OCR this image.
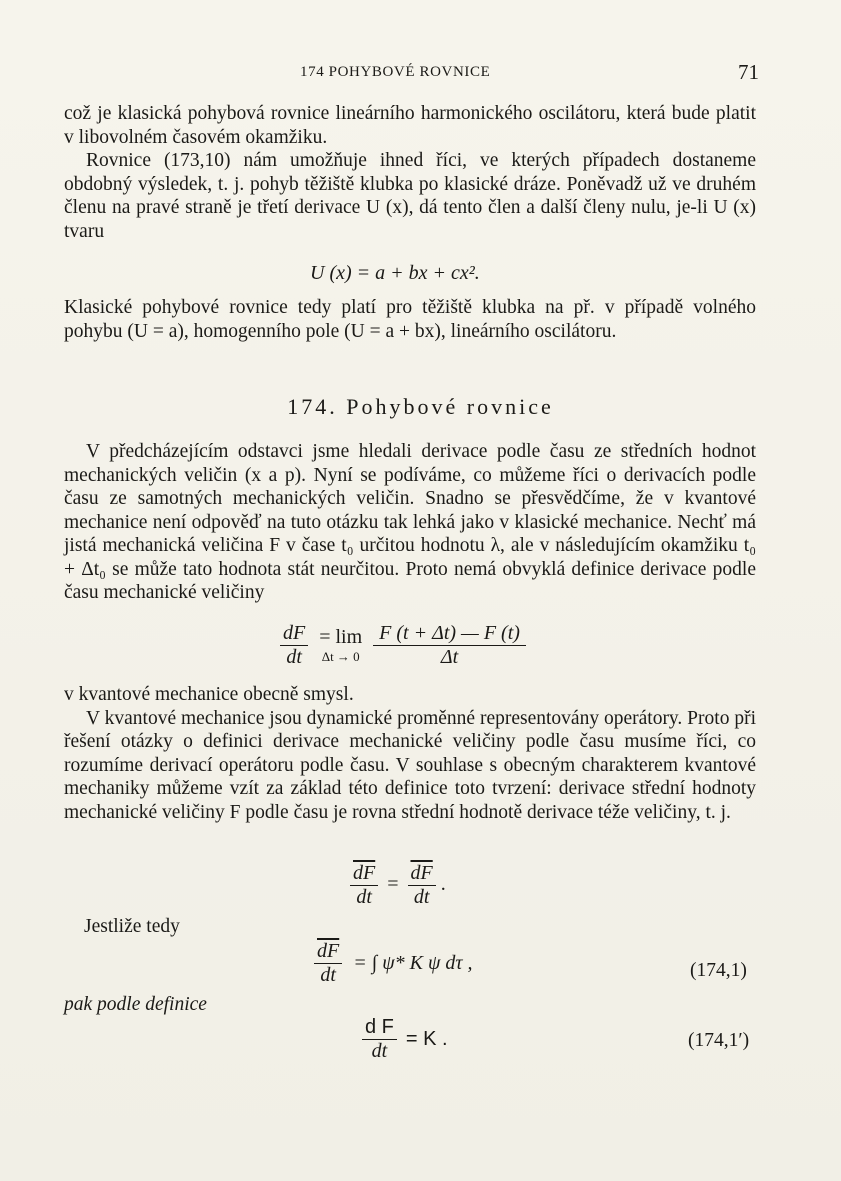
174 POHYBOVÉ ROVNICE	71

což je klasická pohybová rovnice lineárního harmonického oscilátoru, která bude platit v libovolném časovém okamžiku.

Rovnice (173,10) nám umožňuje ihned říci, ve kterých případech dostaneme obdobný výsledek, t. j. pohyb těžiště klubka po klasické dráze. Poněvadž už ve druhém členu na pravé straně je třetí derivace U (x), dá tento člen a další členy nulu, je-li U (x) tvaru

U (x) = a + bx + cx².

Klasické pohybové rovnice tedy platí pro těžiště klubka na př. v případě volného pohybu (U = a), homogenního pole (U = a + bx), lineárního oscilátoru.

174. Pohybové rovnice

V předcházejícím odstavci jsme hledali derivace podle času ze středních hodnot mechanických veličin (x a p). Nyní se podíváme, co můžeme říci o derivacích podle času ze samotných mechanických veličin. Snadno se přesvědčíme, že v kvantové mechanice není odpověď na tuto otázku tak lehká jako v klasické mechanice. Nechť má jistá mechanická veličina F v čase t₀ určitou hodnotu λ, ale v následujícím okamžiku t₀ + Δt₀ se může tato hodnota stát neurčitou. Proto nemá obvyklá definice derivace podle času mechanické veličiny

$\frac{dF}{dt}$
= lim
Δt → 0
$\frac{F (t + \Delta t) — F (t)}{\Delta t}$

v kvantové mechanice obecně smysl.

V kvantové mechanice jsou dynamické proměnné representovány operátory. Proto při řešení otázky o definici derivace mechanické veličiny podle času musíme říci, co rozumíme derivací operátoru podle času. V souhlase s obecným charakterem kvantové mechaniky můžeme vzít za základ této definice toto tvrzení: derivace střední hodnoty mechanické veličiny F podle času je rovna střední hodnotě derivace téže veličiny, t. j.

$\frac{\overline{dF}}{dt} = \frac{\overline{dF}}{dt}$ .
Jestliže tedy
$\frac{\overline{dF}}{dt}$ = ∫ ψ* K ψ dτ ,	(174,1)
pak podle definice
$\frac{\text{d F}}{dt} = K$ .	(174,1′)
